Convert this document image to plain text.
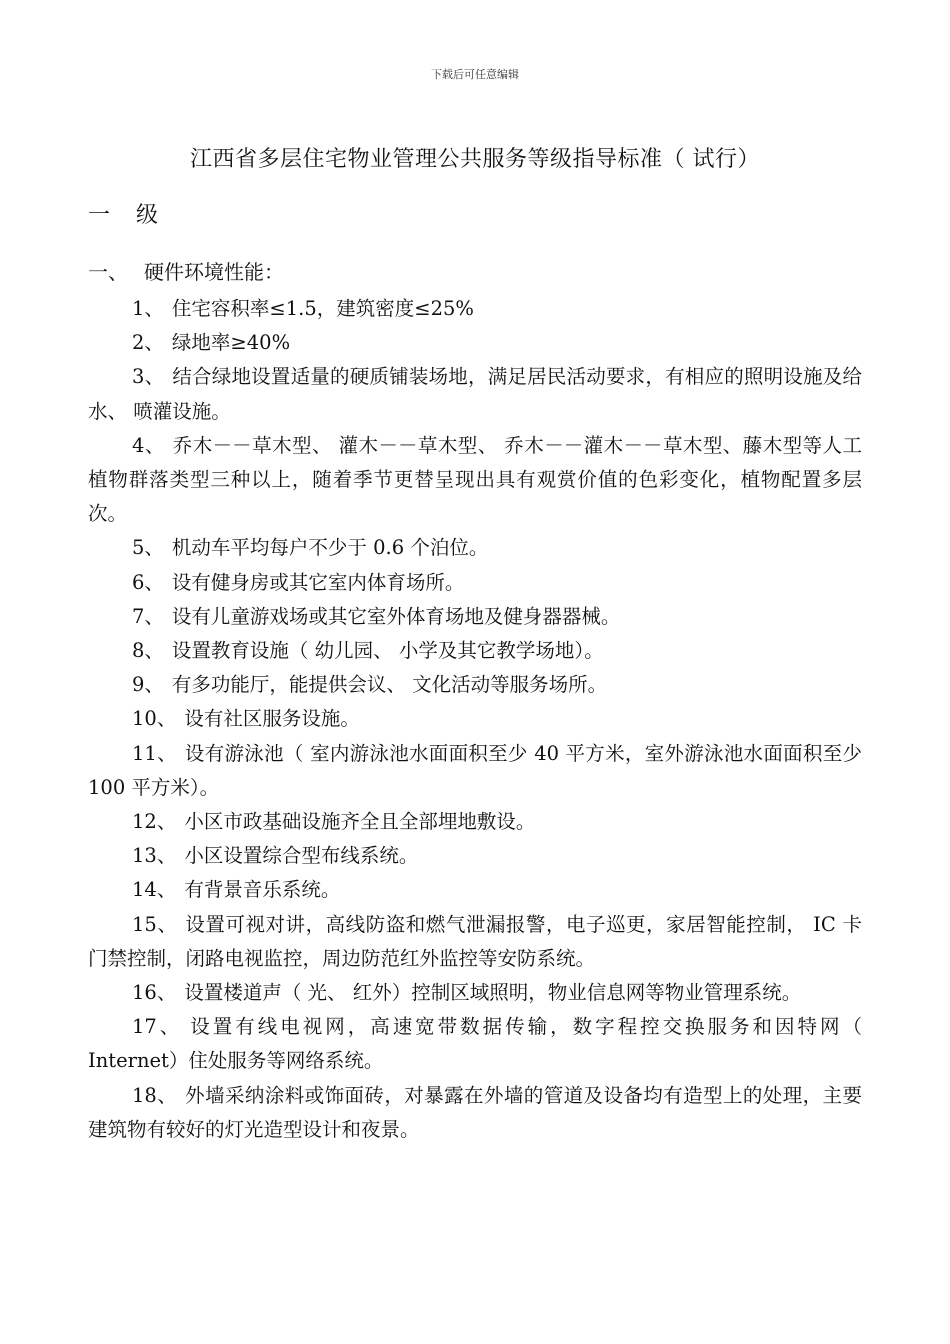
下载后可任意编辑
江西省多层住宅物业管理公共服务等级指导标准（ 试行）
一 级
一、 硬件环境性能：

1、 住宅容积率≤1.5，建筑密度≤25%

2、 绿地率≥40%

3、 结合绿地设置适量的硬质铺装场地，满足居民活动要求，有相应的照明设施及给水、 喷灌设施。

4、 乔木－－草木型、 灌木－－草木型、 乔木－－灌木－－草木型、藤木型等人工植物群落类型三种以上，随着季节更替呈现出具有观赏价值的色彩变化，植物配置多层次。

5、 机动车平均每户不少于 0.6 个泊位。

6、 设有健身房或其它室内体育场所。

7、 设有儿童游戏场或其它室外体育场地及健身器器械。

8、 设置教育设施（ 幼儿园、 小学及其它教学场地）。

9、 有多功能厅，能提供会议、 文化活动等服务场所。

10、 设有社区服务设施。

11、 设有游泳池（ 室内游泳池水面面积至少 40 平方米，室外游泳池水面面积至少 100 平方米）。

12、 小区市政基础设施齐全且全部埋地敷设。

13、 小区设置综合型布线系统。

14、 有背景音乐系统。

15、 设置可视对讲，高线防盗和燃气泄漏报警，电子巡更，家居智能控制， IC 卡门禁控制，闭路电视监控，周边防范红外监控等安防系统。

16、 设置楼道声（ 光、 红外）控制区域照明，物业信息网等物业管理系统。

17、 设置有线电视网，高速宽带数据传输，数字程控交换服务和因特网（ Internet）住处服务等网络系统。

18、 外墙采纳涂料或饰面砖，对暴露在外墙的管道及设备均有造型上的处理，主要建筑物有较好的灯光造型设计和夜景。
